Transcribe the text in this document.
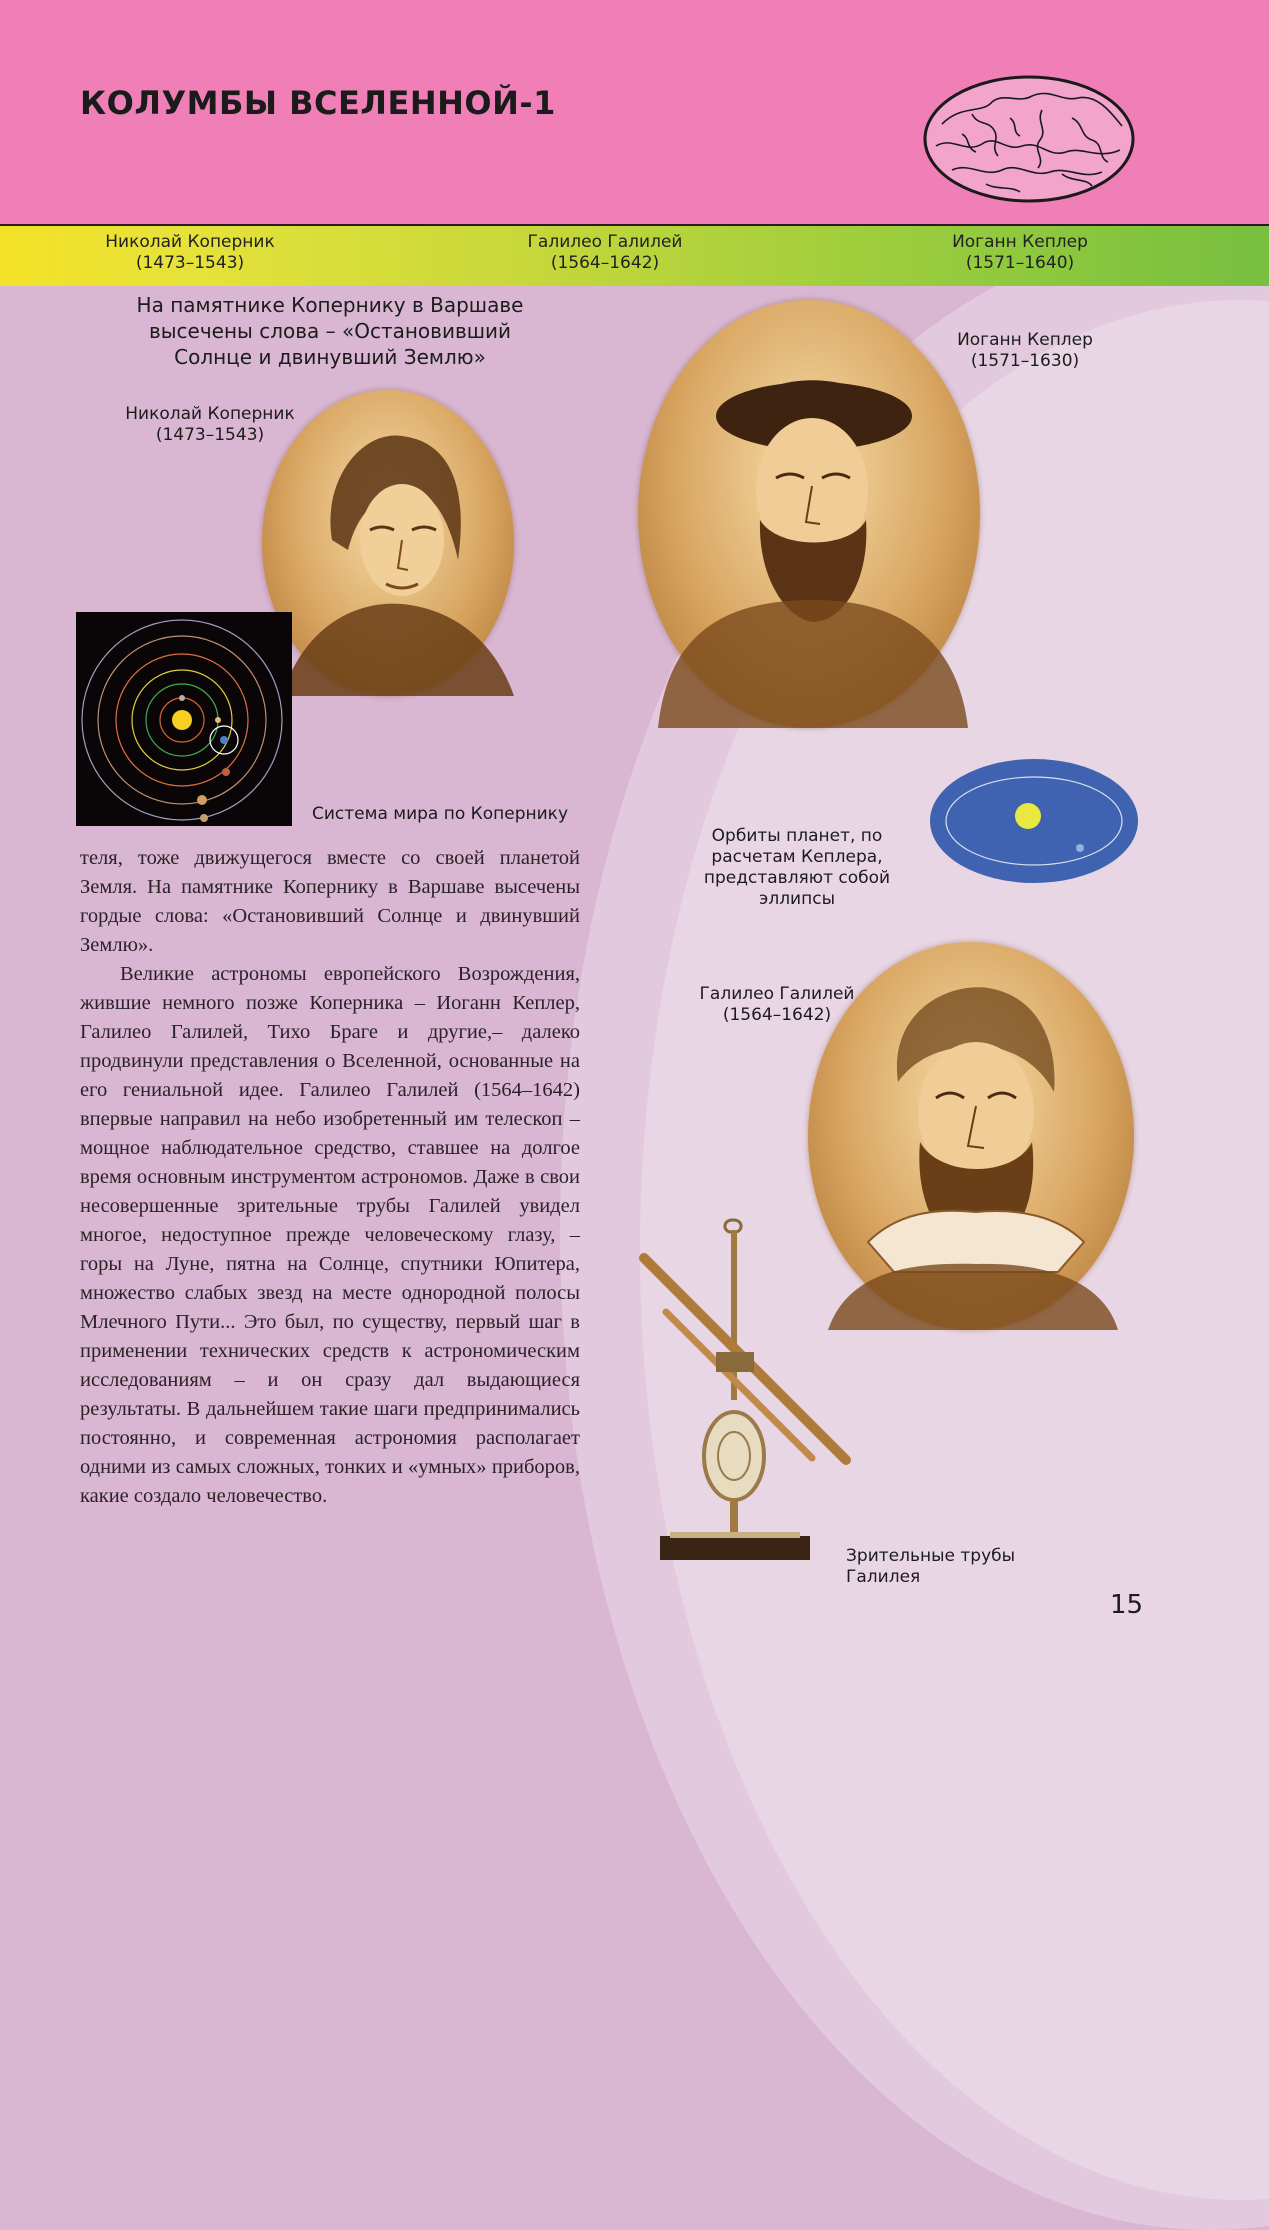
КОЛУМБЫ ВСЕЛЕННОЙ-1
Николай Коперник
(1473–1543)
Галилео Галилей
(1564–1642)
Иоганн Кеплер
(1571–1640)
На памятнике Копернику в Варшаве высечены слова – «Остановивший Солнце и двинувший Землю»
Николай Коперник
(1473–1543)
Система мира по Копернику
Иоганн Кеплер
(1571–1630)
Орбиты планет, по расчетам Кеплера, представляют собой эллипсы
Галилео Галилей
(1564–1642)
Зрительные трубы Галилея

теля, тоже движущегося вместе со своей планетой Земля. На памятнике Копернику в Варшаве высечены гордые слова: «Остановивший Солнце и двинувший Землю».

Великие астрономы европейского Возрождения, жившие немного позже Коперника – Иоганн Кеплер, Галилео Галилей, Тихо Браге и другие,– далеко продвинули представления о Вселенной, основанные на его гениальной идее. Галилео Галилей (1564–1642) впервые направил на небо изобретенный им телескоп – мощное наблюдательное средство, ставшее на долгое время основным инструментом астрономов. Даже в свои несовершенные зрительные трубы Галилей увидел многое, недоступное прежде человеческому глазу, – горы на Луне, пятна на Солнце, спутники Юпитера, множество слабых звезд на месте однородной полосы Млечного Пути... Это был, по существу, первый шаг в применении технических средств к астрономическим исследованиям – и он сразу дал выдающиеся результаты. В дальнейшем такие шаги предпринимались постоянно, и современная астрономия располагает одними из самых сложных, тонких и «умных» приборов, какие создало человечество.

15
